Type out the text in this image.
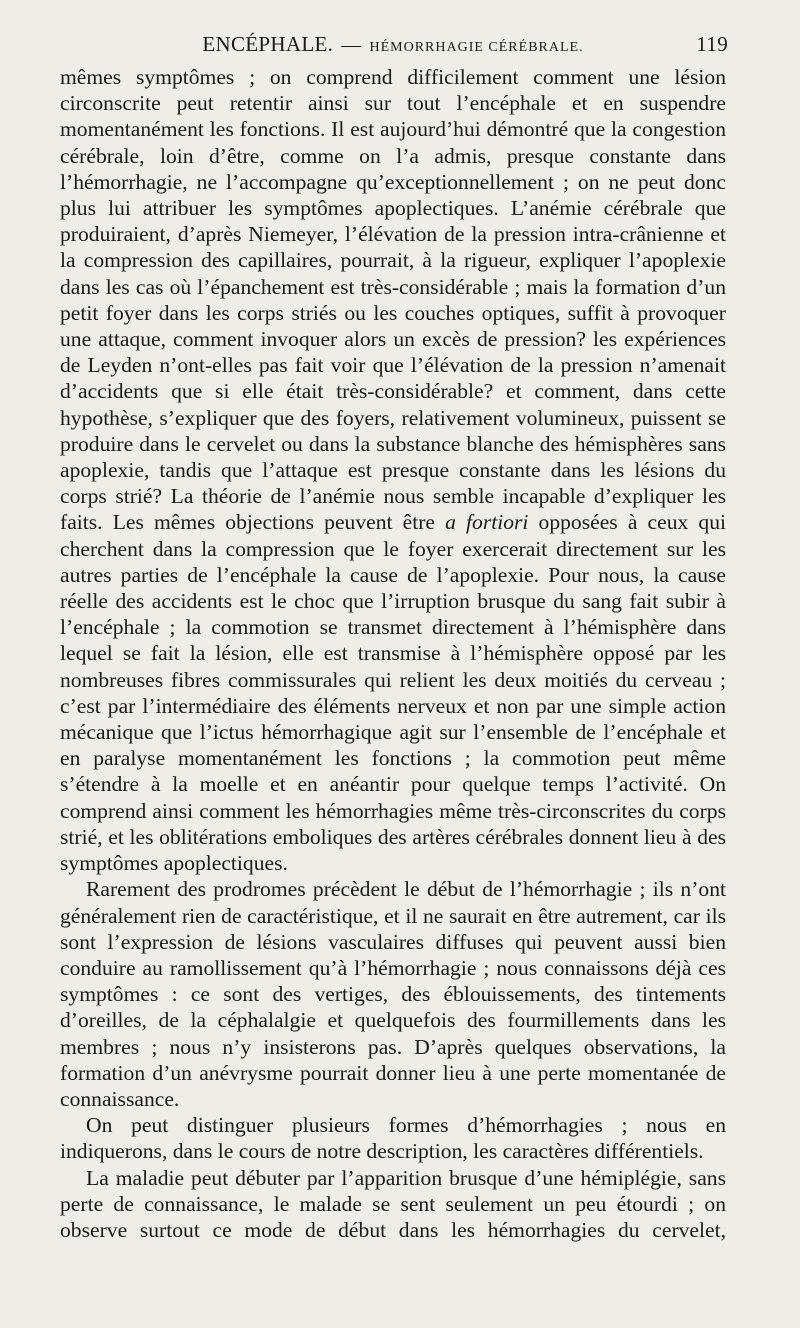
ENCÉPHALE. — HÉMORRHAGIE CÉRÉBRALE.	119

mêmes symptômes ; on comprend difficilement comment une lésion circonscrite peut retentir ainsi sur tout l’encéphale et en suspendre momentanément les fonctions. Il est aujourd’hui démontré que la congestion cérébrale, loin d’être, comme on l’a admis, presque constante dans l’hémorrhagie, ne l’accompagne qu’exceptionnellement ; on ne peut donc plus lui attribuer les symptômes apoplectiques. L’anémie cérébrale que produiraient, d’après Niemeyer, l’élévation de la pression intra-crânienne et la compression des capillaires, pourrait, à la rigueur, expliquer l’apoplexie dans les cas où l’épanchement est très-considérable ; mais la formation d’un petit foyer dans les corps striés ou les couches optiques, suffit à provoquer une attaque, comment invoquer alors un excès de pression? les expériences de Leyden n’ont-elles pas fait voir que l’élévation de la pression n’amenait d’accidents que si elle était très-considérable? et comment, dans cette hypothèse, s’expliquer que des foyers, relativement volumineux, puissent se produire dans le cervelet ou dans la substance blanche des hémisphères sans apoplexie, tandis que l’attaque est presque constante dans les lésions du corps strié? La théorie de l’anémie nous semble incapable d’expliquer les faits. Les mêmes objections peuvent être a fortiori opposées à ceux qui cherchent dans la compression que le foyer exercerait directement sur les autres parties de l’encéphale la cause de l’apoplexie. Pour nous, la cause réelle des accidents est le choc que l’irruption brusque du sang fait subir à l’encéphale ; la commotion se transmet directement à l’hémisphère dans lequel se fait la lésion, elle est transmise à l’hémisphère opposé par les nombreuses fibres commissurales qui relient les deux moitiés du cerveau ; c’est par l’intermédiaire des éléments nerveux et non par une simple action mécanique que l’ictus hémorrhagique agit sur l’ensemble de l’encéphale et en paralyse momentanément les fonctions ; la commotion peut même s’étendre à la moelle et en anéantir pour quelque temps l’activité. On comprend ainsi comment les hémorrhagies même très-circonscrites du corps strié, et les oblitérations emboliques des artères cérébrales donnent lieu à des symptômes apoplectiques.

Rarement des prodromes précèdent le début de l’hémorrhagie ; ils n’ont généralement rien de caractéristique, et il ne saurait en être autrement, car ils sont l’expression de lésions vasculaires diffuses qui peuvent aussi bien conduire au ramollissement qu’à l’hémorrhagie ; nous connaissons déjà ces symptômes : ce sont des vertiges, des éblouissements, des tintements d’oreilles, de la céphalalgie et quelquefois des fourmillements dans les membres ; nous n’y insisterons pas. D’après quelques observations, la formation d’un anévrysme pourrait donner lieu à une perte momentanée de connaissance.

On peut distinguer plusieurs formes d’hémorrhagies ; nous en indiquerons, dans le cours de notre description, les caractères différentiels.

La maladie peut débuter par l’apparition brusque d’une hémiplégie, sans perte de connaissance, le malade se sent seulement un peu étourdi ; on observe surtout ce mode de début dans les hémorrhagies du cervelet,
